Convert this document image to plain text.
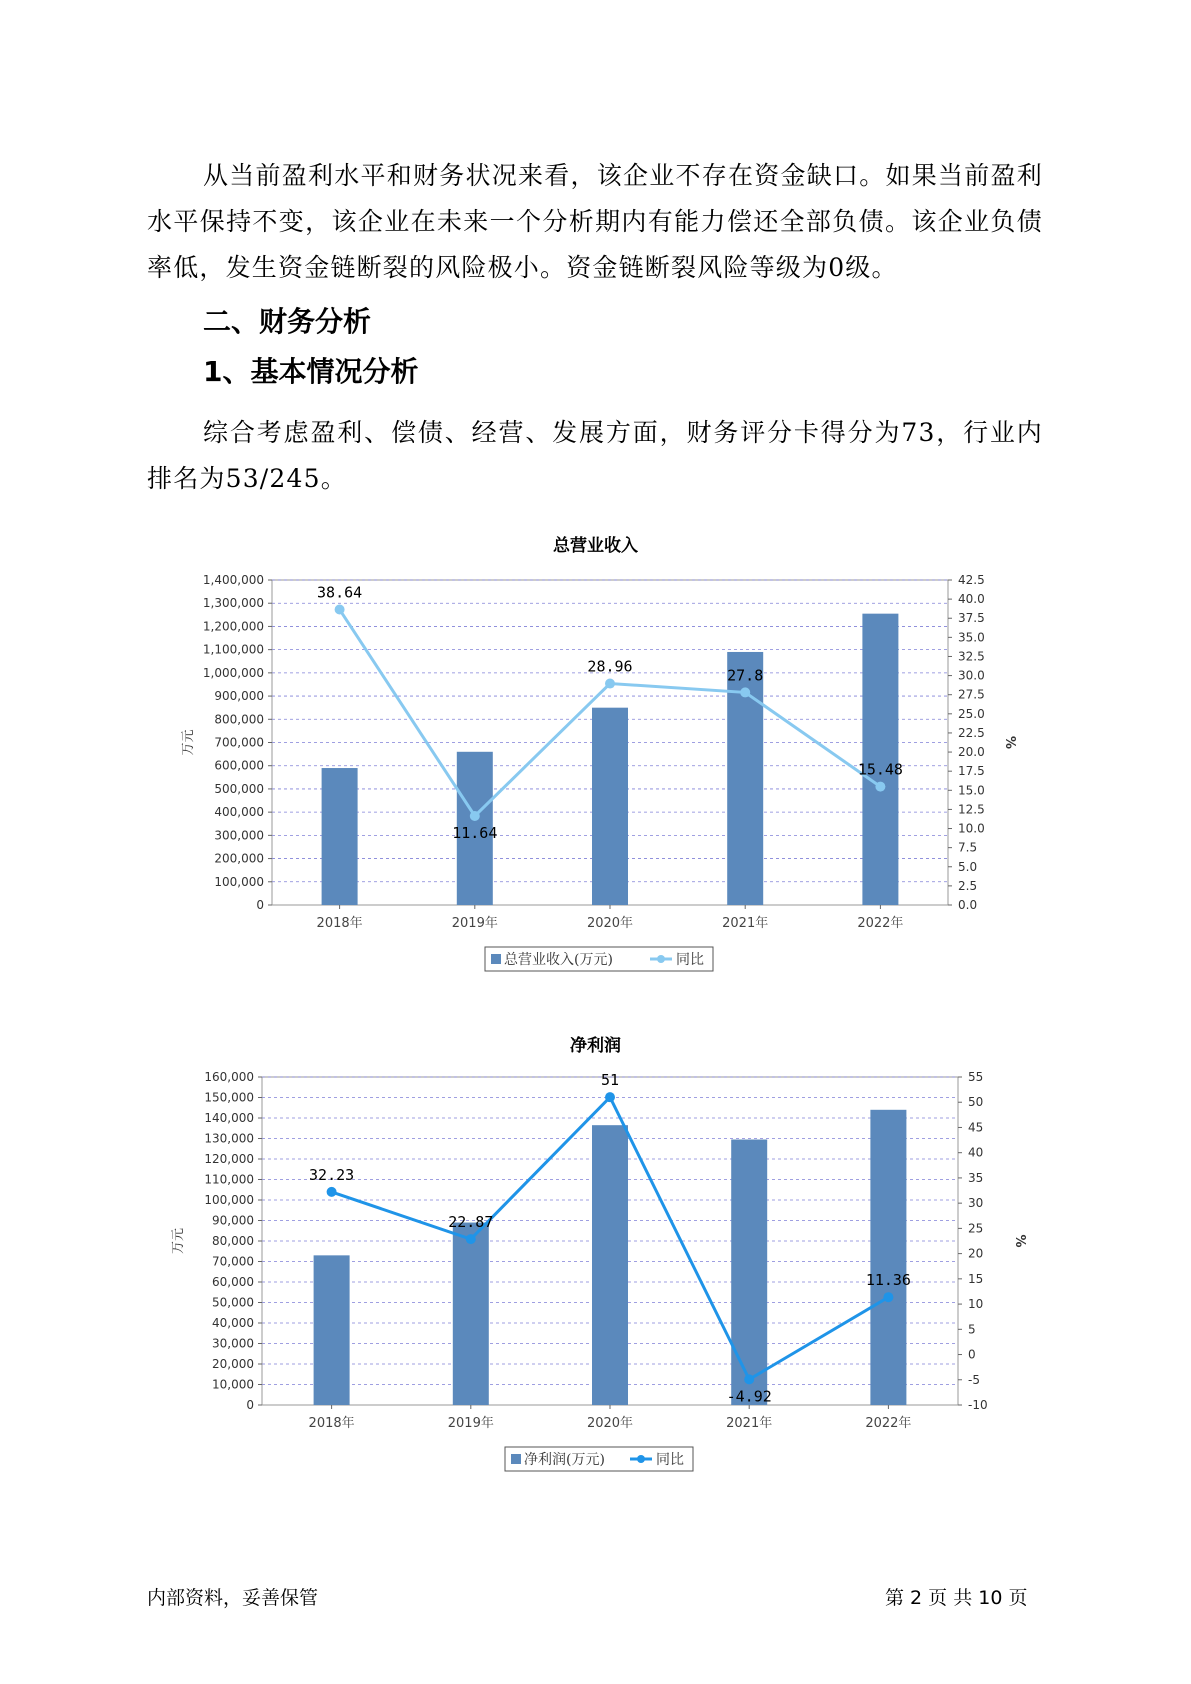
从当前盈利水平和财务状况来看，该企业不存在资金缺口。如果当前盈利水平保持不变，该企业在未来一个分析期内有能力偿还全部负债。该企业负债率低，发生资金链断裂的风险极小。资金链断裂风险等级为0级。

二、财务分析
1、基本情况分析

综合考虑盈利、偿债、经营、发展方面，财务评分卡得分为73，行业内排名为53/245。

总营业收入
0
100,000
200,000
300,000
400,000
500,000
600,000
700,000
800,000
900,000
1,000,000
1,100,000
1,200,000
1,300,000
1,400,000
0.0
2.5
5.0
7.5
10.0
12.5
15.0
17.5
20.0
22.5
25.0
27.5
30.0
32.5
35.0
37.5
40.0
42.5
万元	%
2018年	2019年	2020年	2021年	2022年
38.64
11.64
28.96	27.8
15.48
总营业收入(万元)	同比
净利润
0
10,000
20,000
30,000
40,000
50,000
60,000
70,000
80,000
90,000
100,000
110,000
120,000
130,000
140,000
150,000
160,000
-10
-5
0
5
10
15
20
25
30
35
40
45
50
55
万元	%
2018年	2019年	2020年	2021年	2022年
32.23
22.87
51
-4.92
11.36
净利润(万元)	同比
内部资料，妥善保管	第 2 页 共 10 页
